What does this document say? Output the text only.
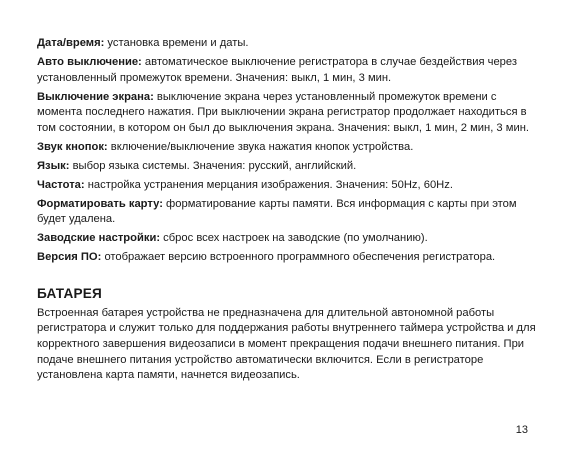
Дата/время: установка времени и даты.

Авто выключение: автоматическое выключение регистратора в случае бездействия через установленный промежуток времени. Значения: выкл, 1 мин, 3 мин.

Выключение экрана: выключение экрана через установленный промежуток времени с момента последнего нажатия. При выключении экрана регистратор продолжает находиться в том состоянии, в котором он был до выключения экрана. Значения: выкл, 1 мин, 2 мин, 3 мин.

Звук кнопок: включение/выключение звука нажатия кнопок устройства.

Язык: выбор языка системы. Значения: русский, английский.

Частота: настройка устранения мерцания изображения. Значения: 50Hz, 60Hz.

Форматировать карту: форматирование карты памяти. Вся информация с карты при этом будет удалена.

Заводские настройки: сброс всех настроек на заводские (по умолчанию).

Версия ПО: отображает версию встроенного программного обеспечения регистратора.

БАТАРЕЯ

Встроенная батарея устройства не предназначена для длительной автономной работы регистратора и служит только для поддержания работы внутреннего таймера устройства и для корректного завершения видеозаписи в момент прекращения подачи внешнего питания. При подаче внешнего питания устройство автоматически включится. Если в регистраторе установлена карта памяти, начнется видеозапись.

13
